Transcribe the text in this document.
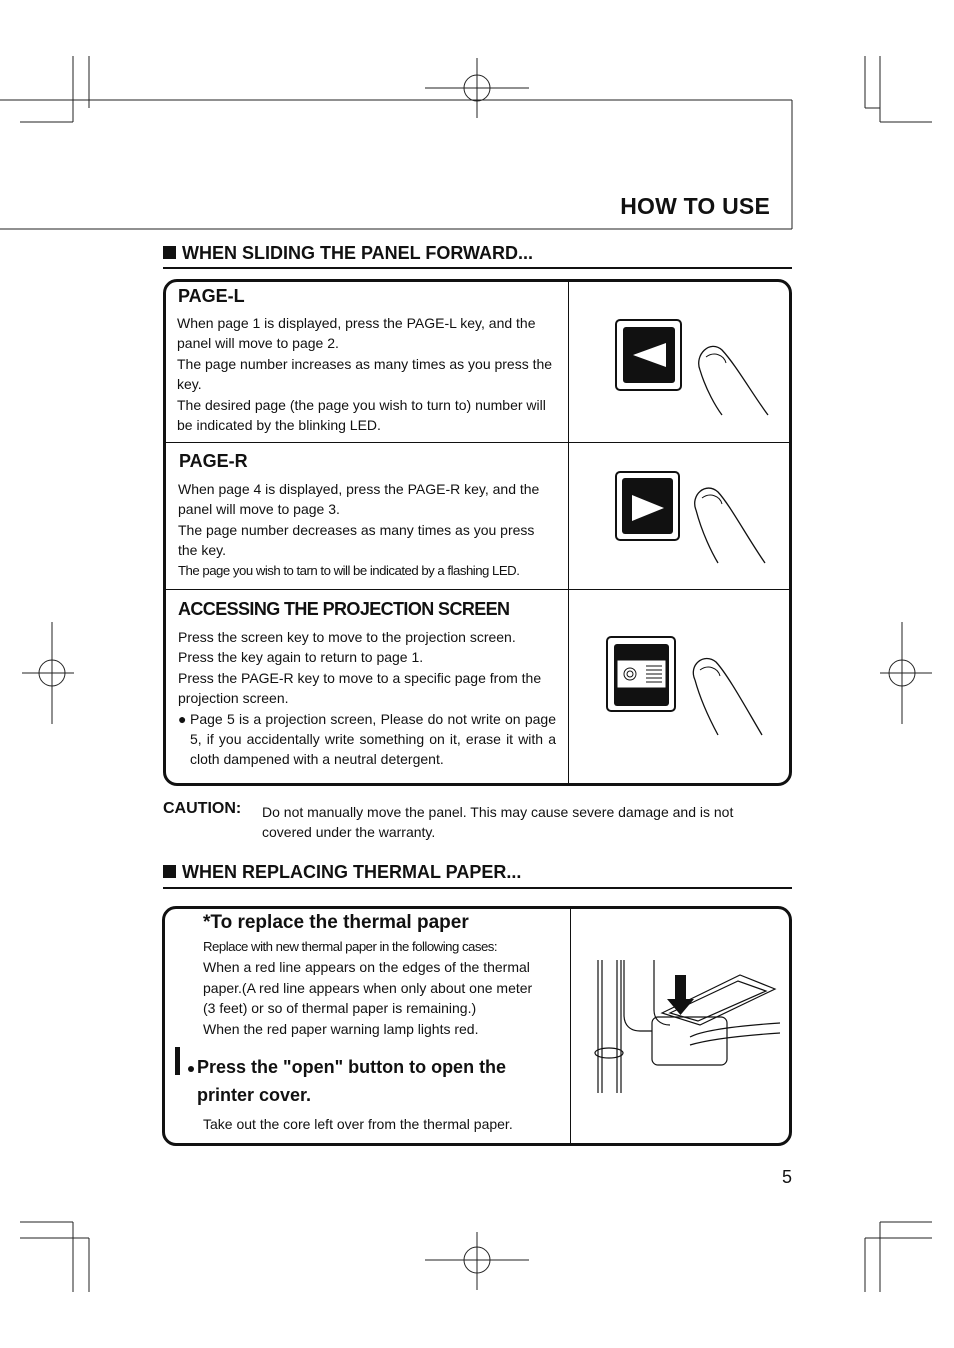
HOW TO USE
WHEN SLIDING THE PANEL FORWARD...
PAGE-L

When page 1 is displayed, press the PAGE-L key, and the panel will move to page 2.

The page number increases as many times as you press the key.

The desired page (the page you wish to turn to) number will be indicated by the blinking LED.

PAGE-R

When page 4 is displayed, press the PAGE-R key, and the panel will move to page 3.

The page number decreases as many times as you press the key.

The page you wish to tarn to will be indicated by a flashing LED.

ACCESSING THE PROJECTION SCREEN

Press the screen key to move to the projection screen.

Press the key again to return to page 1.

Press the PAGE-R key to move to a specific page from the projection screen.

● Page 5 is a projection screen, Please do not write on page 5, if you accidentally write something on it, erase it with a cloth dampened with a neutral detergent.
CAUTION: Do not manually move the panel. This may cause severe damage and is not covered under the warranty.
WHEN REPLACING THERMAL PAPER...
*To replace the thermal paper

Replace with new thermal paper in the following cases:

When a red line appears on the edges of the thermal paper.(A red line appears when only about one meter (3 feet) or so of thermal paper is remaining.)

When the red paper warning lamp lights red.

Press the "open" button to open the printer cover.

Take out the core left over from the thermal paper.

5
